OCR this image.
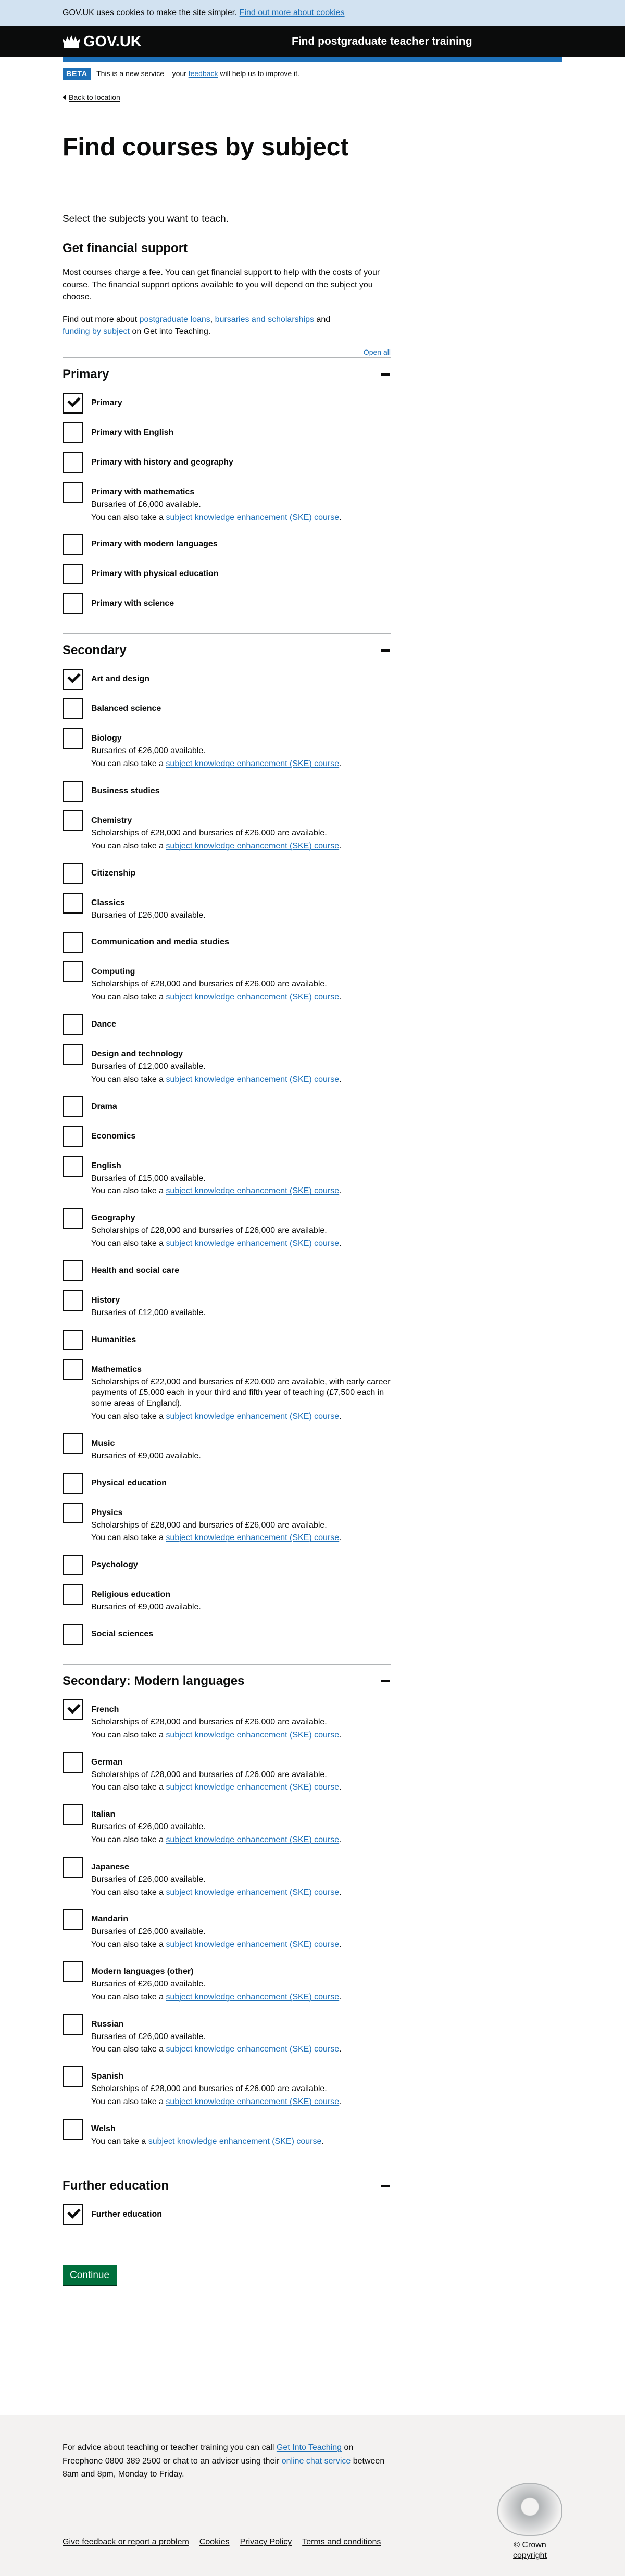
GOV.UK uses cookies to make the site simpler. Find out more about cookies
GOV.UK	Find postgraduate teacher training
BETA	This is a new service – your
feedback
will help us to improve it.
Back to location
Find courses by subject

Select the subjects you want to teach.

Get financial support

Most courses charge a fee. You can get financial support to help with the costs of your course. The financial support options available to you will depend on the subject you choose.

Find out more about postgraduate loans, bursaries and scholarships and
funding by subject on Get into Teaching.

Open all
Primary
Primary
Primary with English
Primary with history and geography
Primary with mathematics
Bursaries of £6,000 available.
You can also take a subject knowledge enhancement (SKE) course.
Primary with modern languages
Primary with physical education
Primary with science
Secondary
Art and design
Balanced science
Biology
Bursaries of £26,000 available.
You can also take a subject knowledge enhancement (SKE) course.
Business studies
Chemistry
Scholarships of £28,000 and bursaries of £26,000 are available.
You can also take a subject knowledge enhancement (SKE) course.
Citizenship
Classics
Bursaries of £26,000 available.
Communication and media studies
Computing
Scholarships of £28,000 and bursaries of £26,000 are available.
You can also take a subject knowledge enhancement (SKE) course.
Dance
Design and technology
Bursaries of £12,000 available.
You can also take a subject knowledge enhancement (SKE) course.
Drama
Economics
English
Bursaries of £15,000 available.
You can also take a subject knowledge enhancement (SKE) course.
Geography
Scholarships of £28,000 and bursaries of £26,000 are available.
You can also take a subject knowledge enhancement (SKE) course.
Health and social care
History
Bursaries of £12,000 available.
Humanities
Mathematics
Scholarships of £22,000 and bursaries of £20,000 are available, with early career payments of £5,000 each in your third and fifth year of teaching (£7,500 each in some areas of England).
You can also take a subject knowledge enhancement (SKE) course.
Music
Bursaries of £9,000 available.
Physical education
Physics
Scholarships of £28,000 and bursaries of £26,000 are available.
You can also take a subject knowledge enhancement (SKE) course.
Psychology
Religious education
Bursaries of £9,000 available.
Social sciences
Secondary: Modern languages
French
Scholarships of £28,000 and bursaries of £26,000 are available.
You can also take a subject knowledge enhancement (SKE) course.
German
Scholarships of £28,000 and bursaries of £26,000 are available.
You can also take a subject knowledge enhancement (SKE) course.
Italian
Bursaries of £26,000 available.
You can also take a subject knowledge enhancement (SKE) course.
Japanese
Bursaries of £26,000 available.
You can also take a subject knowledge enhancement (SKE) course.
Mandarin
Bursaries of £26,000 available.
You can also take a subject knowledge enhancement (SKE) course.
Modern languages (other)
Bursaries of £26,000 available.
You can also take a subject knowledge enhancement (SKE) course.
Russian
Bursaries of £26,000 available.
You can also take a subject knowledge enhancement (SKE) course.
Spanish
Scholarships of £28,000 and bursaries of £26,000 are available.
You can also take a subject knowledge enhancement (SKE) course.
Welsh
You can take a subject knowledge enhancement (SKE) course.
Further education
Further education
Continue

For advice about teaching or teacher training you can call Get Into Teaching on Freephone 0800 389 2500 or chat to an adviser using their online chat service between 8am and 8pm, Monday to Friday.

Give feedback or report a problem Cookies Privacy Policy Terms and conditions	© Crown copyright
